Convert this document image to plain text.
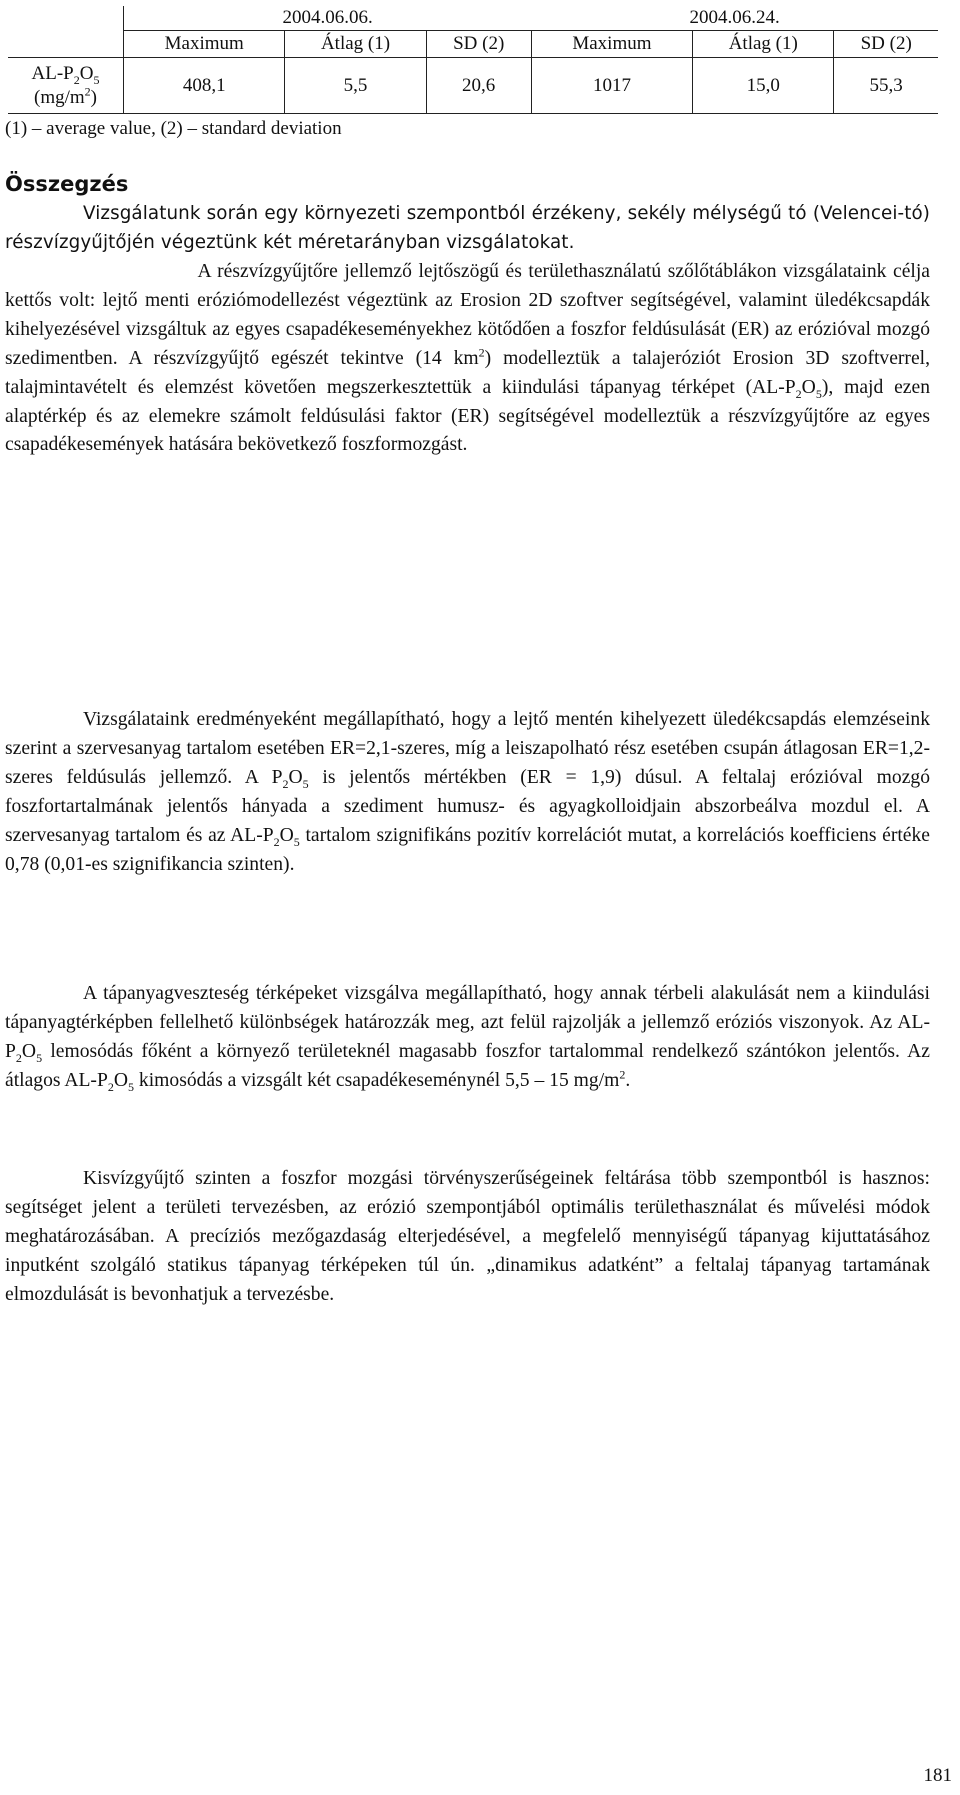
	2004.06.06.			2004.06.24.		
	Maximum	Átlag (1)	SD (2)	Maximum	Átlag (1)	SD (2)
$AL-P_2O_5$
$(mg/m^2)$	408,1	5,5	20,6	1017	15,0	55,3
(1) – average value, (2) – standard deviation
Összegzés

Vizsgálatunk során egy környezeti szempontból érzékeny, sekély mélységű tó (Velencei-tó) részvízgyűjtőjén végeztünk két méretarányban vizsgálatokat.

A részvízgyűjtőre jellemző lejtőszögű és területhasználatú szőlőtáblákon vizsgálataink célja kettős volt: lejtő menti eróziómodellezést végeztünk az Erosion 2D szoftver segítségével, valamint üledékcsapdák kihelyezésével vizsgáltuk az egyes csapadékeseményekhez kötődően a foszfor feldúsulását (ER) az erózióval mozgó szedimentben. A részvízgyűjtő egészét tekintve (14 $km^2$) modelleztük a talajeróziót Erosion 3D szoftverrel, talajmintavételt és elemzést követően megszerkesztettük a kiindulási tápanyag térképet $(AL-P_2O_5)$, majd ezen alaptérkép és az elemekre számolt feldúsulási faktor (ER) segítségével modelleztük a részvízgyűjtőre az egyes csapadékesemények hatására bekövetkező foszformozgást.

Vizsgálataink eredményeként megállapítható, hogy a lejtő mentén kihelyezett üledékcsapdás elemzéseink szerint a szervesanyag tartalom esetében ER=2,1-szeres, míg a leiszapolható rész esetében csupán átlagosan ER=1,2-szeres feldúsulás jellemző. A $P_2O_5$ is jelentős mértékben (ER = 1,9) dúsul. A feltalaj erózióval mozgó foszfortartalmának jelentős hányada a szediment humusz- és agyagkolloidjain abszorbeálva mozdul el. A szervesanyag tartalom és az $AL-P_2O_5$ tartalom szignifikáns pozitív korrelációt mutat, a korrelációs koefficiens értéke 0,78 (0,01-es szignifikancia szinten).

A tápanyagveszteség térképeket vizsgálva megállapítható, hogy annak térbeli alakulását nem a kiindulási tápanyagtérképben fellelhető különbségek határozzák meg, azt felül rajzolják a jellemző eróziós viszonyok. Az $AL-P_2O_5$ lemosódás főként a környező területeknél magasabb foszfor tartalommal rendelkező szántókon jelentős. Az átlagos $AL-P_2O_5$ kimosódás a vizsgált két csapadékeseménynél 5,5 – 15 $mg/m^2$.

Kisvízgyűjtő szinten a foszfor mozgási törvényszerűségeinek feltárása több szempontból is hasznos: segítséget jelent a területi tervezésben, az erózió szempontjából optimális területhasználat és művelési módok meghatározásában. A precíziós mezőgazdaság elterjedésével, a megfelelő mennyiségű tápanyag kijuttatásához inputként szolgáló statikus tápanyag térképeken túl ún. „dinamikus adatként” a feltalaj tápanyag tartamának elmozdulását is bevonhatjuk a tervezésbe.

181
